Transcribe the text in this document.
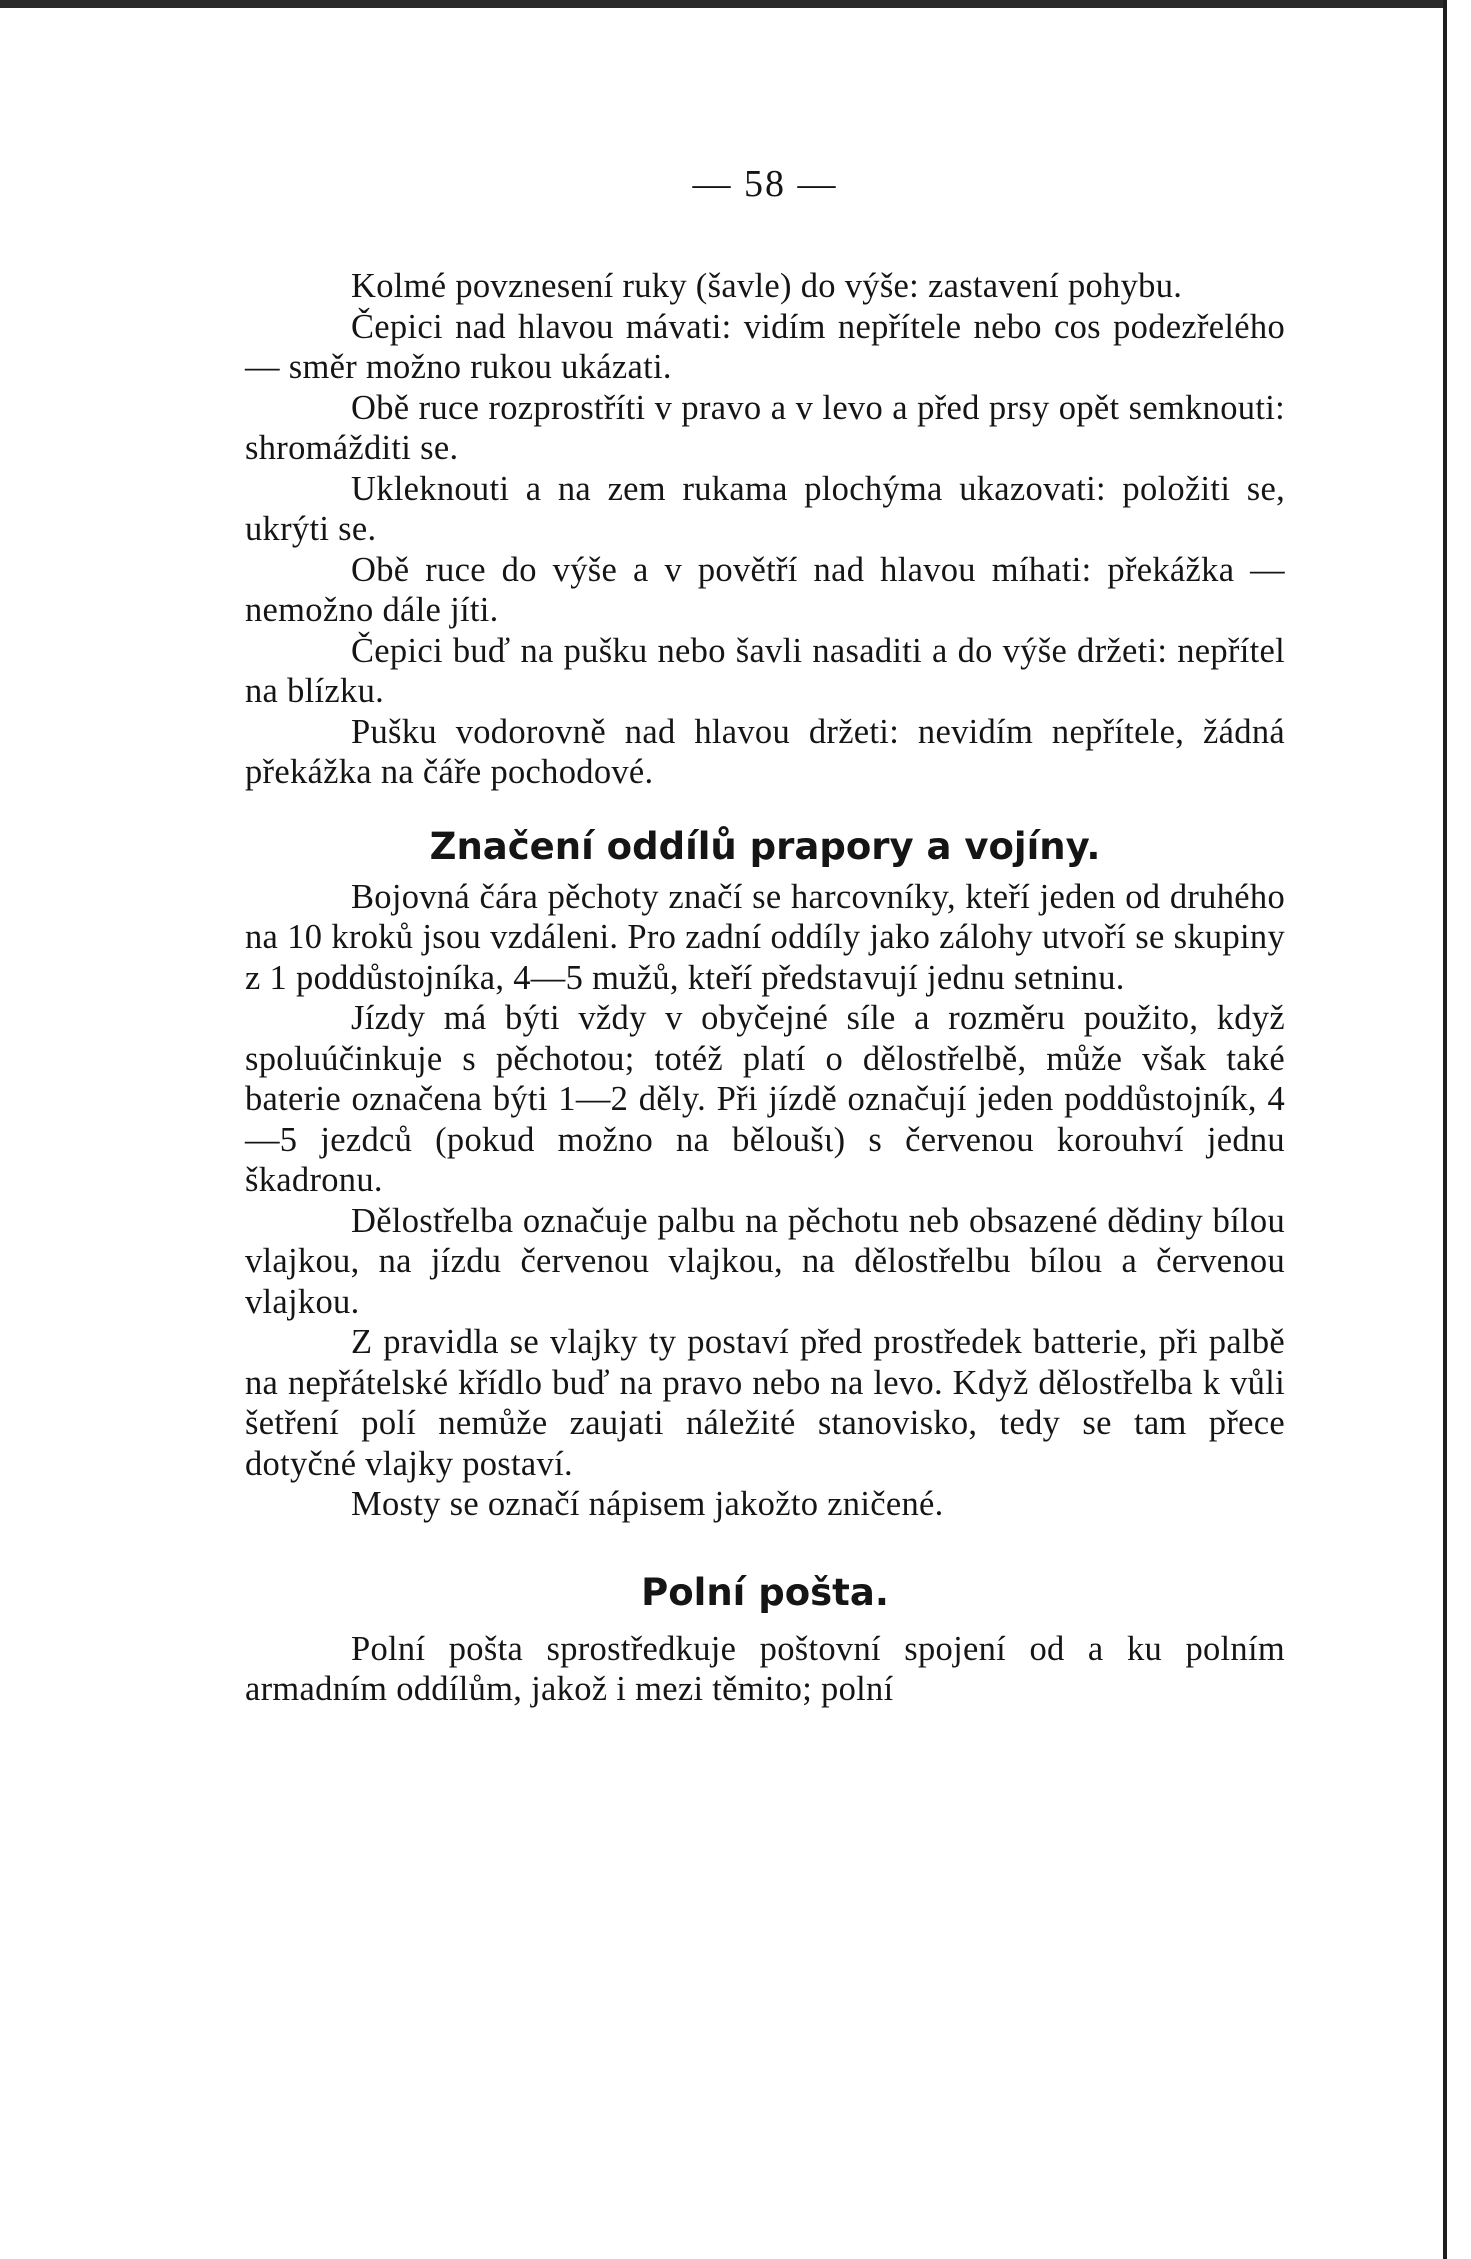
— 58 —

Kolmé povznesení ruky (šavle) do výše: zastavení pohybu.

Čepici nad hlavou mávati: vidím nepřítele nebo cos podezřelého — směr možno rukou ukázati.

Obě ruce rozprostříti v pravo a v levo a před prsy opět semknouti: shromážditi se.

Ukleknouti a na zem rukama plochýma ukazovati: položiti se, ukrýti se.

Obě ruce do výše a v povětří nad hlavou míhati: překážka — nemožno dále jíti.

Čepici buď na pušku nebo šavli nasaditi a do výše držeti: nepřítel na blízku.

Pušku vodorovně nad hlavou držeti: nevidím nepřítele, žádná překážka na čáře pochodové.

Značení oddílů prapory a vojíny.

Bojovná čára pěchoty značí se harcovníky, kteří jeden od druhého na 10 kroků jsou vzdáleni. Pro zadní oddíly jako zálohy utvoří se skupiny z 1 poddůstojníka, 4—5 mužů, kteří představují jednu setninu.

Jízdy má býti vždy v obyčejné síle a rozměru použito, když spoluúčinkuje s pěchotou; totéž platí o dělostřelbě, může však také baterie označena býti 1—2 děly. Při jízdě označují jeden poddůstojník, 4—5 jezdců (pokud možno na běloušι) s červenou korouhví jednu škadronu.

Dělostřelba označuje palbu na pěchotu neb obsazené dědiny bílou vlajkou, na jízdu červenou vlajkou, na dělostřelbu bílou a červenou vlajkou.

Z pravidla se vlajky ty postaví před prostředek batterie, při palbě na nepřátelské křídlo buď na pravo nebo na levo. Když dělostřelba k vůli šetření polí nemůže zaujati náležité stanovisko, tedy se tam přece dotyčné vlajky postaví.

Mosty se označí nápisem jakožto zničené.

Polní pošta.

Polní pošta sprostředkuje poštovní spojení od a ku polním armadním oddílům, jakož i mezi těmito; polní
